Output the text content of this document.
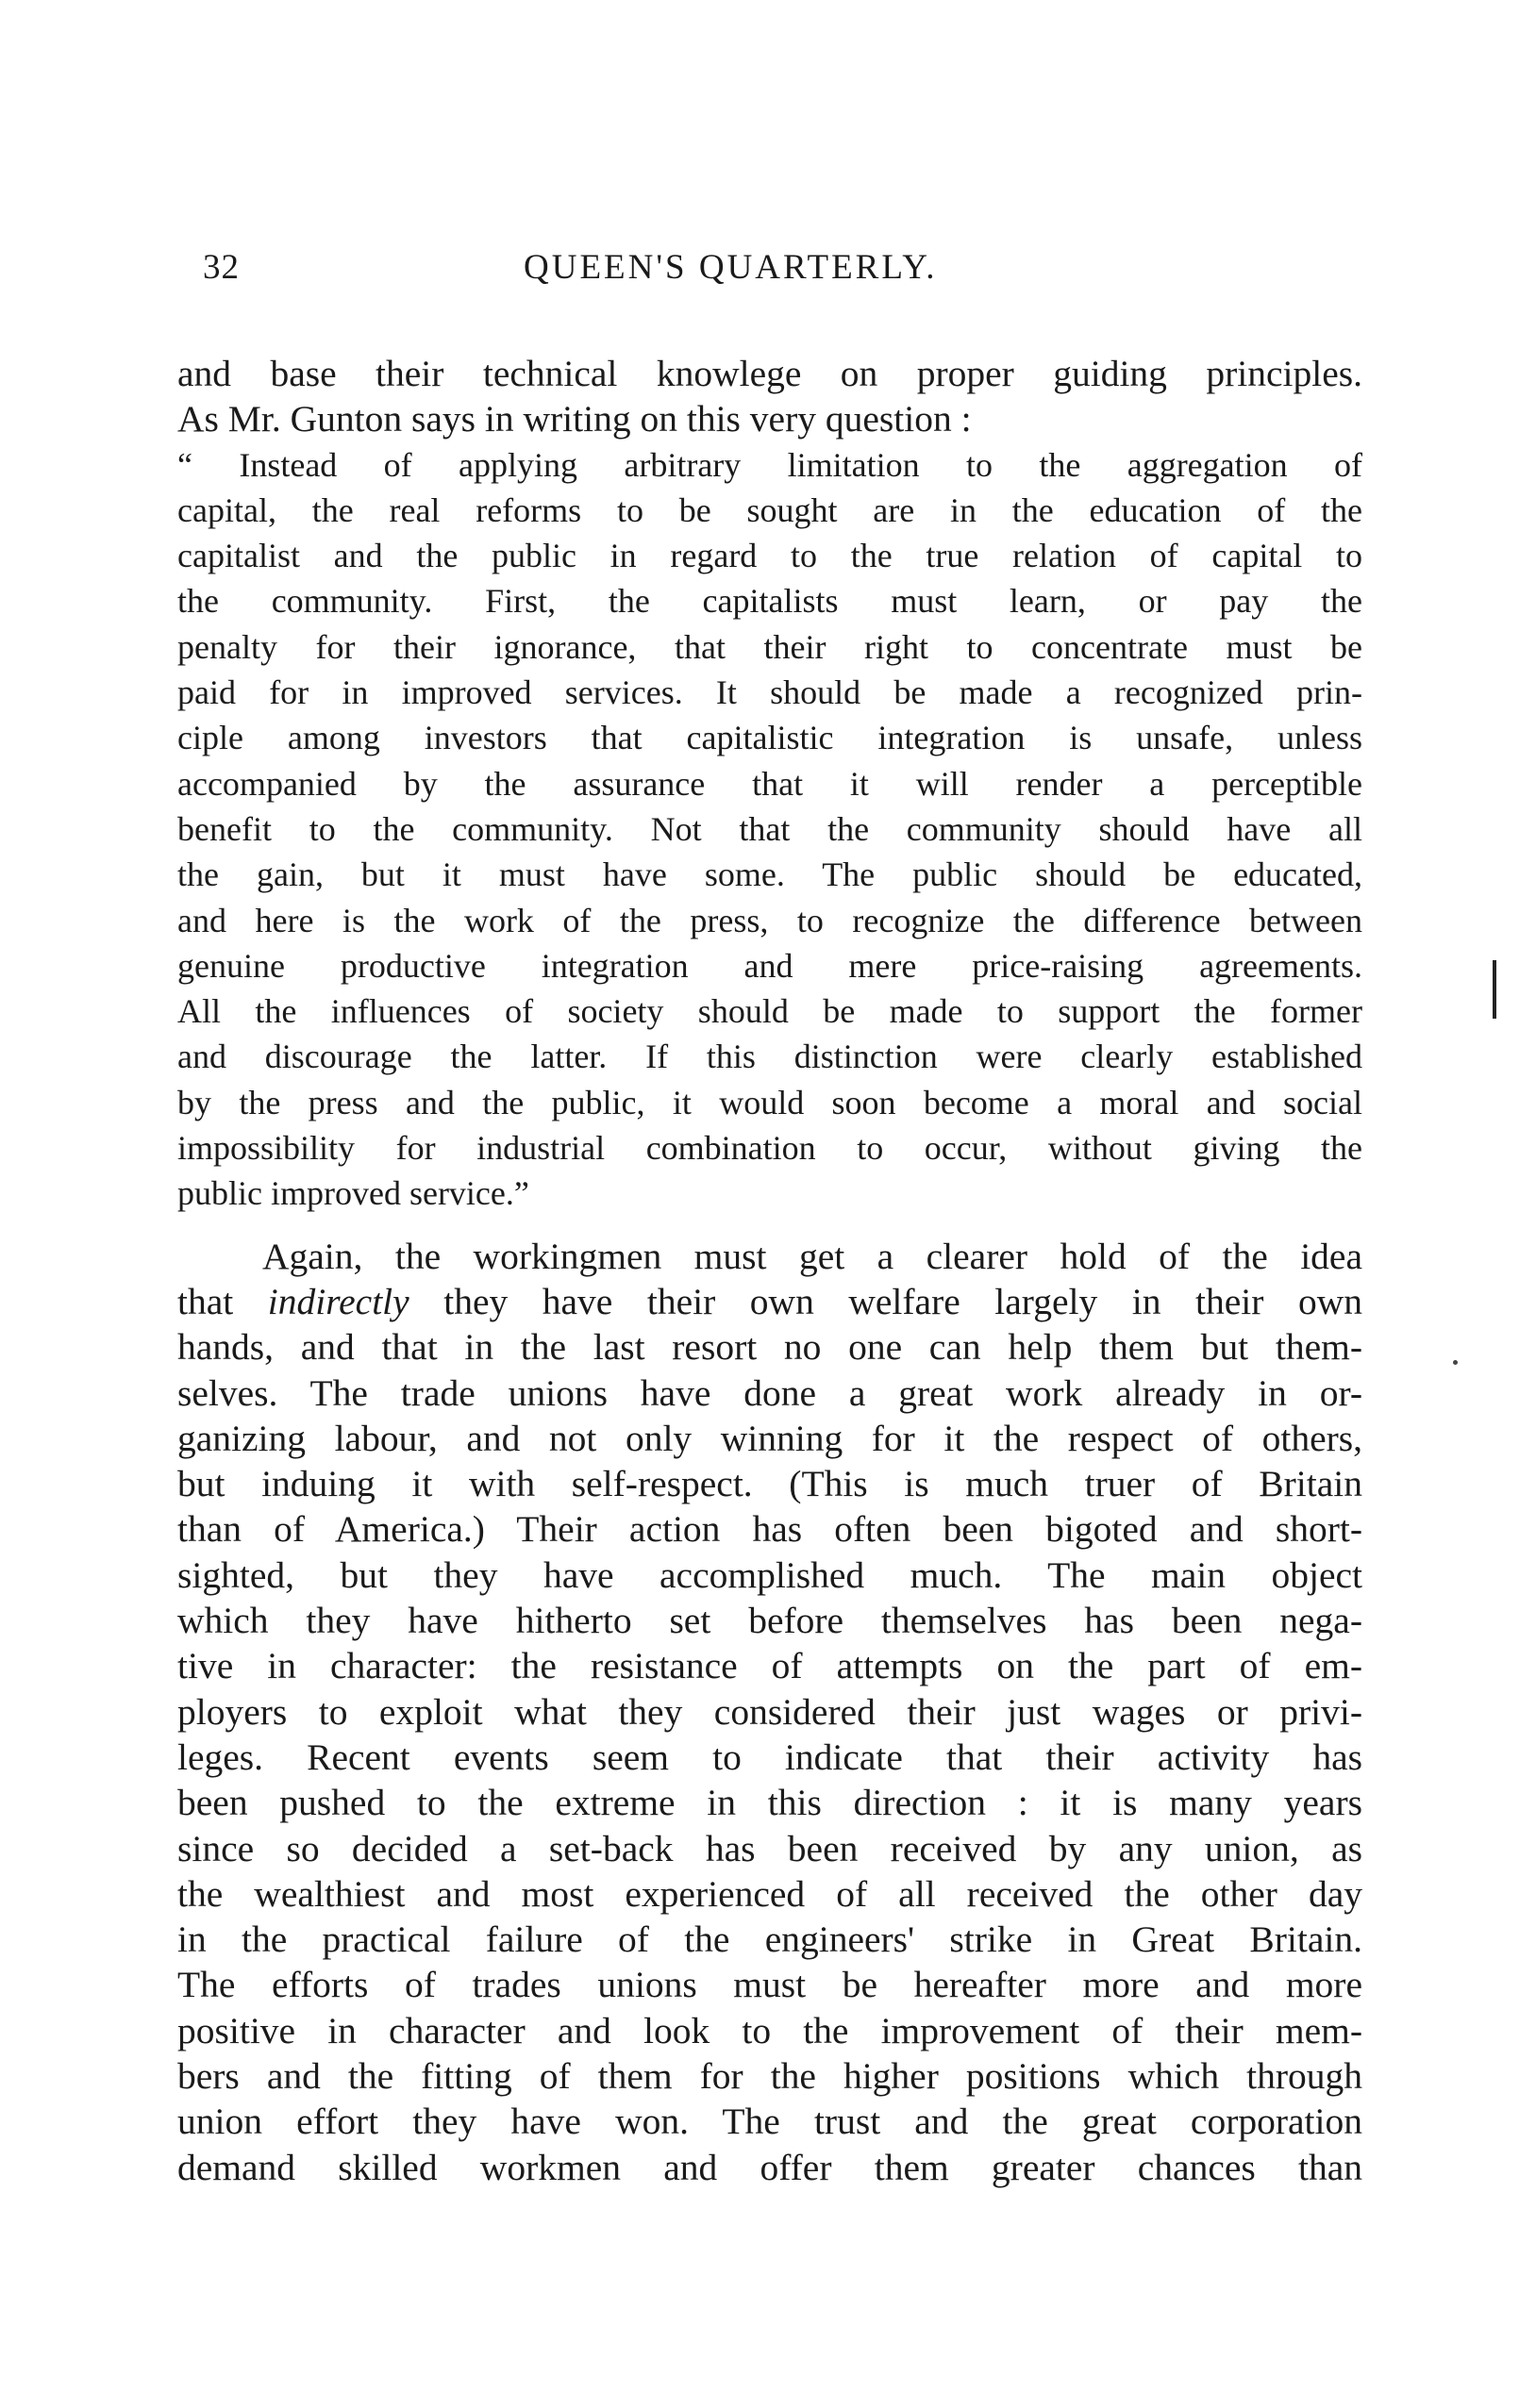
32	QUEEN'S QUARTERLY.
and base their technical knowlege on proper guiding principles.
As Mr. Gunton says in writing on this very question :
“ Instead of applying arbitrary limitation to the aggregation of
capital, the real reforms to be sought are in the education of the
capitalist and the public in regard to the true relation of capital to
the community. First, the capitalists must learn, or pay the
penalty for their ignorance, that their right to concentrate must be
paid for in improved services. It should be made a recognized prin-
ciple among investors that capitalistic integration is unsafe, unless
accompanied by the assurance that it will render a perceptible
benefit to the community. Not that the community should have all
the gain, but it must have some. The public should be educated,
and here is the work of the press, to recognize the difference between
genuine productive integration and mere price-raising agreements.
All the influences of society should be made to support the former
and discourage the latter. If this distinction were clearly established
by the press and the public, it would soon become a moral and social
impossibility for industrial combination to occur, without giving the
public improved service.”
Again, the workingmen must get a clearer hold of the idea
that indirectly they have their own welfare largely in their own
hands, and that in the last resort no one can help them but them-
selves. The trade unions have done a great work already in or-
ganizing labour, and not only winning for it the respect of others,
but induing it with self-respect. (This is much truer of Britain
than of America.) Their action has often been bigoted and short-
sighted, but they have accomplished much. The main object
which they have hitherto set before themselves has been nega-
tive in character: the resistance of attempts on the part of em-
ployers to exploit what they considered their just wages or privi-
leges. Recent events seem to indicate that their activity has
been pushed to the extreme in this direction : it is many years
since so decided a set-back has been received by any union, as
the wealthiest and most experienced of all received the other day
in the practical failure of the engineers' strike in Great Britain.
The efforts of trades unions must be hereafter more and more
positive in character and look to the improvement of their mem-
bers and the fitting of them for the higher positions which through
union effort they have won. The trust and the great corporation
demand skilled workmen and offer them greater chances than
